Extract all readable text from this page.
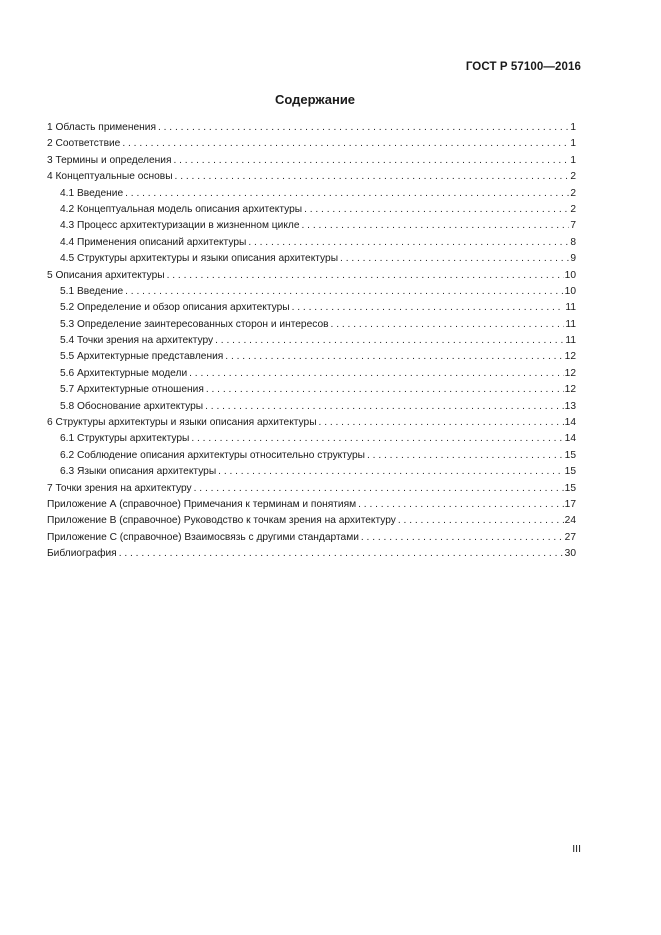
ГОСТ Р 57100—2016
Содержание
1 Область применения . . .	1
2 Соответствие . . .	1
3 Термины и определения . . .	1
4 Концептуальные основы . . .	2
4.1 Введение . . .	2
4.2 Концептуальная модель описания архитектуры . . .	2
4.3 Процесс архитектуризации в жизненном цикле . . .	7
4.4 Применения описаний архитектуры . . .	8
4.5 Структуры архитектуры и языки описания архитектуры . . .	9
5 Описания архитектуры . . .	10
5.1 Введение . . .	10
5.2 Определение и обзор описания архитектуры . . .	11
5.3 Определение заинтересованных сторон и интересов . . .	11
5.4 Точки зрения на архитектуру . . .	11
5.5 Архитектурные представления . . .	12
5.6 Архитектурные модели . . .	12
5.7 Архитектурные отношения . . .	12
5.8 Обоснование архитектуры . . .	13
6 Структуры архитектуры и языки описания архитектуры . . .	14
6.1 Структуры архитектуры . . .	14
6.2 Соблюдение описания архитектуры относительно структуры . . .	15
6.3 Языки описания архитектуры . . .	15
7 Точки зрения на архитектуру . . .	15
Приложение А (справочное) Примечания к терминам и понятиям . . .	17
Приложение В (справочное) Руководство к точкам зрения на архитектуру . . .	24
Приложение С (справочное) Взаимосвязь с другими стандартами . . .	27
Библиография . . .	30
III
